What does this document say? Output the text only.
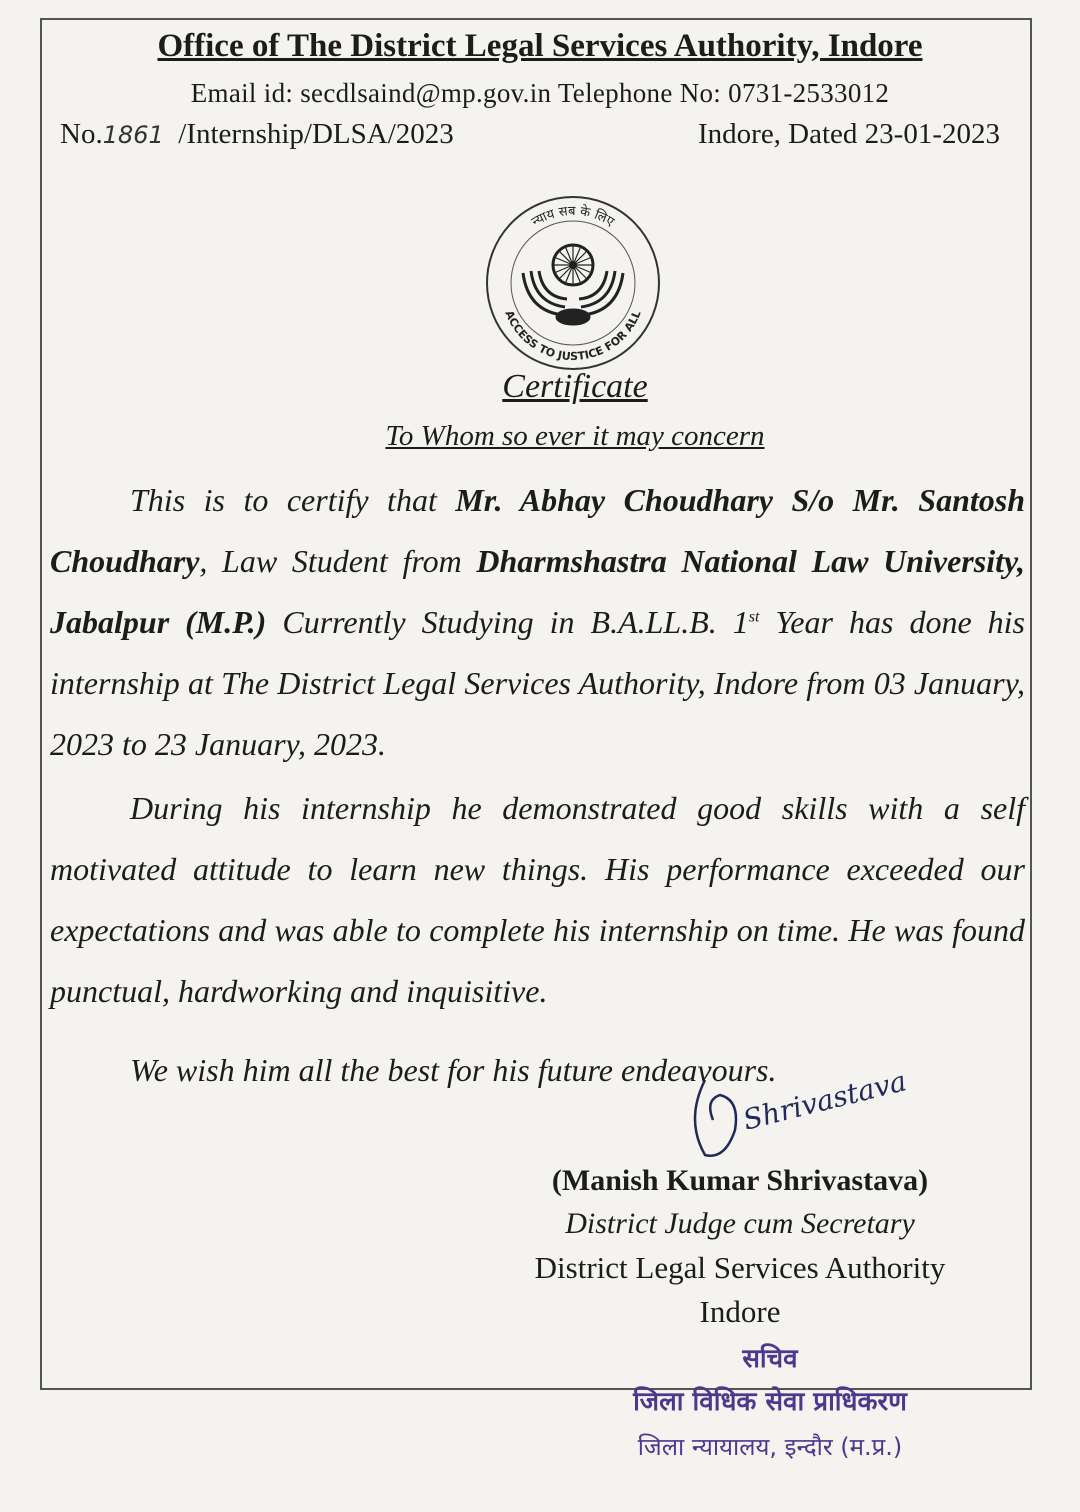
Office of The District Legal Services Authority, Indore
Email id: secdlsaind@mp.gov.in Telephone No: 0731-2533012
No.1861 /Internship/DLSA/2023	Indore, Dated 23-01-2023
न्याय सब के लिए
ACCESS TO JUSTICE FOR ALL
Certificate
To Whom so ever it may concern

This is to certify that Mr. Abhay Choudhary S/o Mr. Santosh Choudhary, Law Student from Dharmshastra National Law University, Jabalpur (M.P.) Currently Studying in B.A.LL.B. 1st Year has done his internship at The District Legal Services Authority, Indore from 03 January, 2023 to 23 January, 2023.

During his internship he demonstrated good skills with a self motivated attitude to learn new things. His performance exceeded our expectations and was able to complete his internship on time. He was found punctual, hardworking and inquisitive.

We wish him all the best for his future endeavours.

Shrivastava
(Manish Kumar Shrivastava)
District Judge cum Secretary
District Legal Services Authority
Indore
सचिव
जिला विधिक सेवा प्राधिकरण
जिला न्यायालय, इन्दौर (म.प्र.)
